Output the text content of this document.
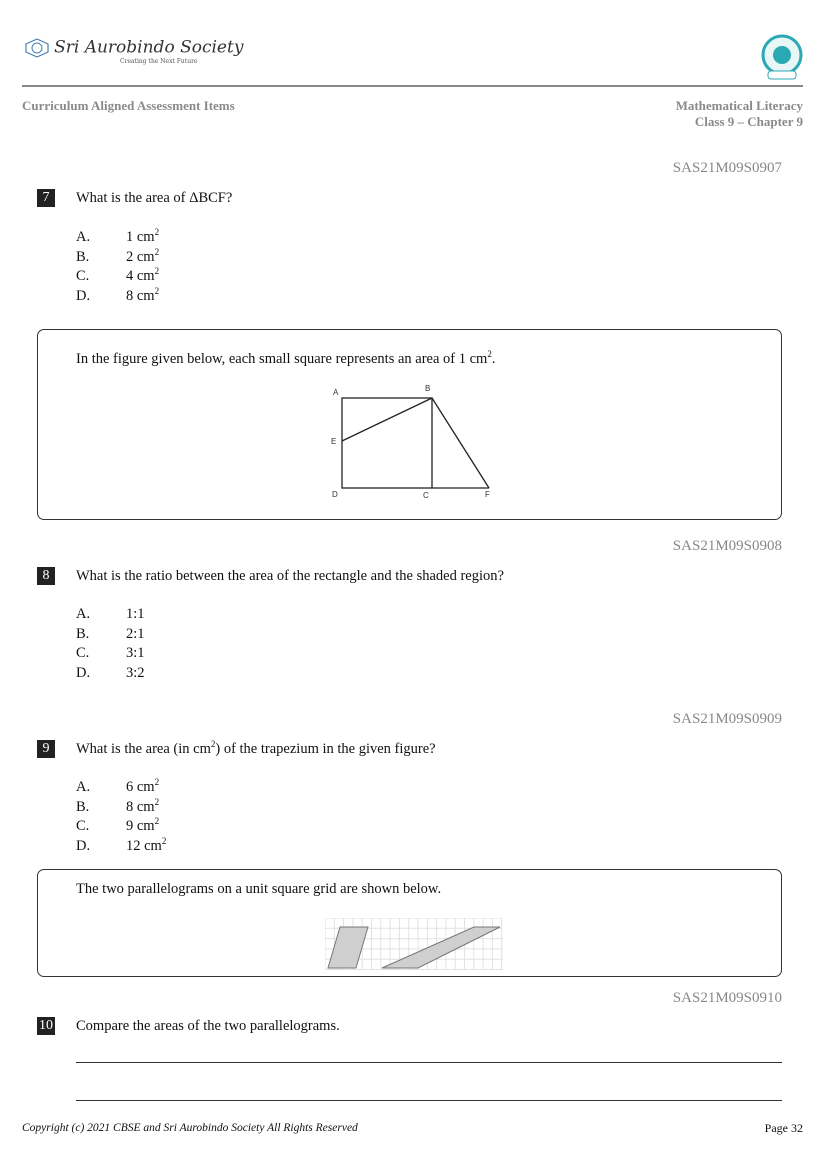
Sri Aurobindo Society
Creating the Next Future
Curriculum Aligned Assessment Items	Mathematical Literacy
Class 9 – Chapter 9
SAS21M09S0907
7	What is the area of ΔBCF?
A. 1 $cm^2$
B.	2 $cm^2$
C.	4 $cm^2$
D. 8 $cm^2$
In the figure given below, each small square represents an area of 1 $cm^2$.
A	B
E
D	C	F
SAS21M09S0908
8	What is the ratio between the area of the rectangle and the shaded region?
A. 1:1
B.	2:1
C.	3:1
D. 3:2
SAS21M09S0909
9	What is the area (in $cm^2$) of the trapezium in the given figure?
A. 6 $cm^2$
B.	8 $cm^2$
C.	9 $cm^2$
D. 12 $cm^2$
The two parallelograms on a unit square grid are shown below.
SAS21M09S0910
10 Compare the areas of the two parallelograms.
Copyright (c) 2021 CBSE and Sri Aurobindo Society All Rights Reserved	Page 32
